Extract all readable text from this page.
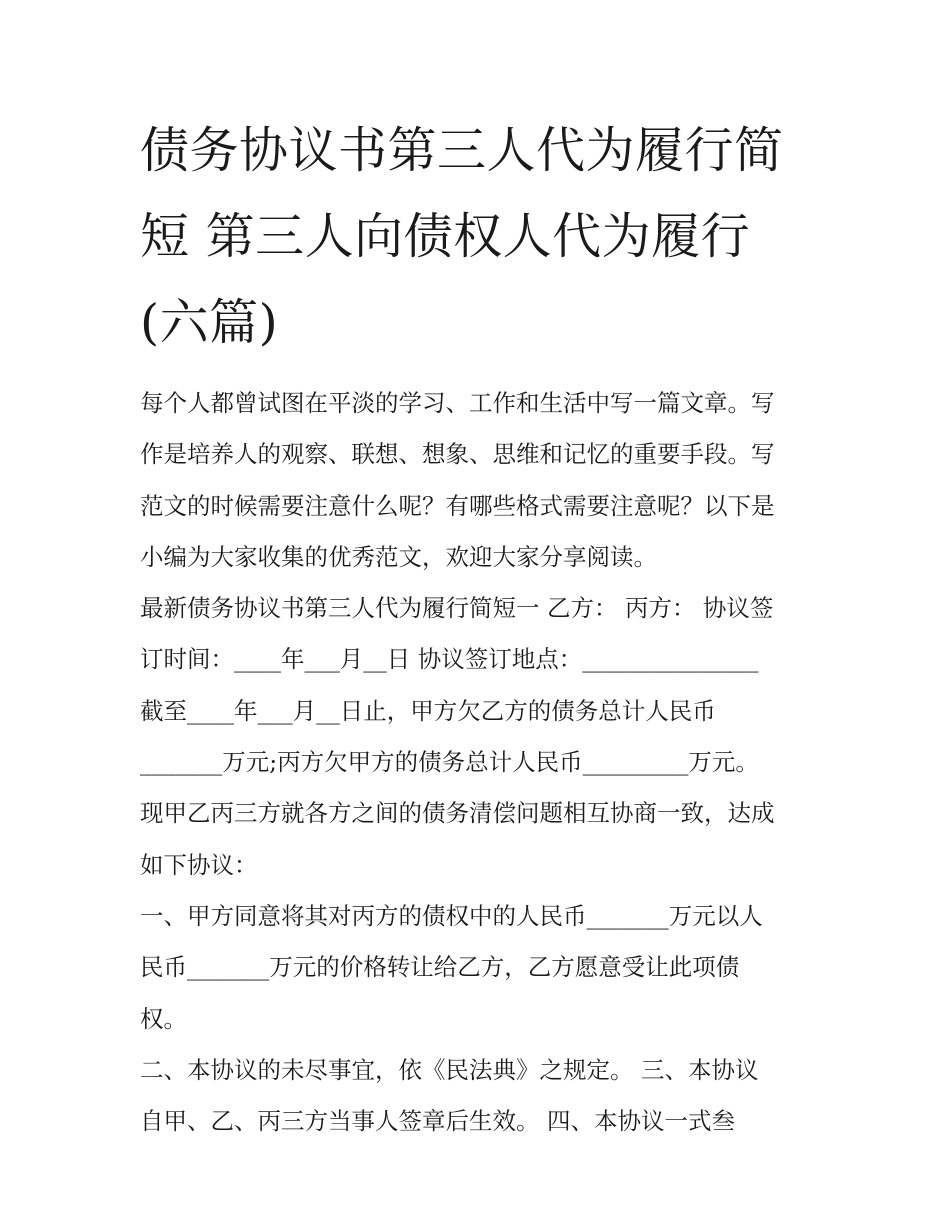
债务协议书第三人代为履行简
短 第三人向债权人代为履行
(六篇)
每个人都曾试图在平淡的学习、工作和生活中写一篇文章。写
作是培养人的观察、联想、想象、思维和记忆的重要手段。写
范文的时候需要注意什么呢？有哪些格式需要注意呢？以下是
小编为大家收集的优秀范文，欢迎大家分享阅读。
最新债务协议书第三人代为履行简短一 乙方： 丙方： 协议签
订时间：____年___月__日 协议签订地点：_______________
截至____年___月__日止，甲方欠乙方的债务总计人民币
_______万元;丙方欠甲方的债务总计人民币_________万元。
现甲乙丙三方就各方之间的债务清偿问题相互协商一致，达成
如下协议：
一、甲方同意将其对丙方的债权中的人民币_______万元以人
民币_______万元的价格转让给乙方，乙方愿意受让此项债
权。
二、本协议的未尽事宜，依《民法典》之规定。 三、本协议
自甲、乙、丙三方当事人签章后生效。 四、本协议一式叁
